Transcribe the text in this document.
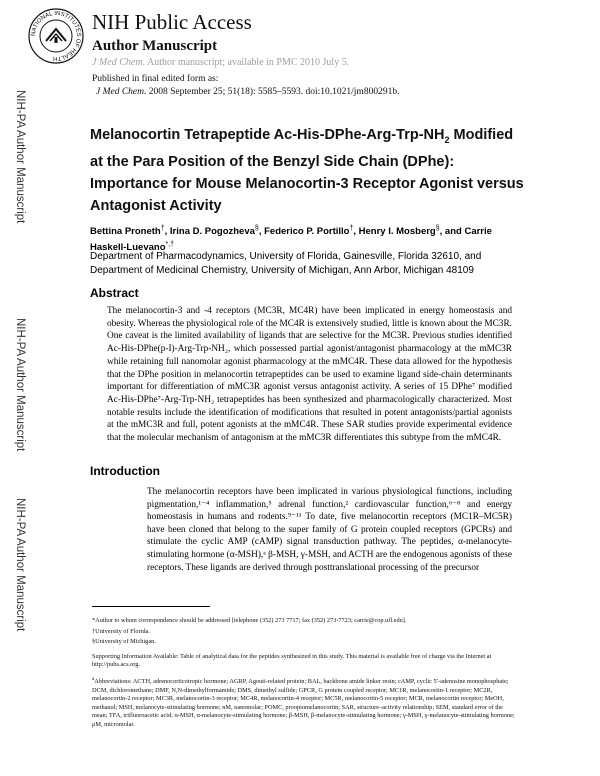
NATIONAL INSTITUTES OF HEALTH
NIH Public Access
Author Manuscript
J Med Chem. Author manuscript; available in PMC 2010 July 5.
Published in final edited form as:
J Med Chem. 2008 September 25; 51(18): 5585–5593. doi:10.1021/jm800291b.
NIH-PA Author Manuscript
NIH-PA Author Manuscript
NIH-PA Author Manuscript
Melanocortin Tetrapeptide $Ac-His-DPhe-Arg-Trp-NH_2$ Modified at the Para Position of the Benzyl Side Chain (DPhe): Importance for Mouse Melanocortin-3 Receptor Agonist versus Antagonist Activity
Bettina Proneth†, Irina D. Pogozheva§, Federico P. Portillo†, Henry I. Mosberg§, and Carrie Haskell-Luevano*,†
Department of Pharmacodynamics, University of Florida, Gainesville, Florida 32610, and
Department of Medicinal Chemistry, University of Michigan, Ann Arbor, Michigan 48109
Abstract
The melanocortin-3 and -4 receptors (MC3R, MC4R) have been implicated in energy homeostasis and obesity. Whereas the physiological role of the MC4R is extensively studied, little is known about the MC3R. One caveat is the limited availability of ligands that are selective for the MC3R. Previous studies identified Ac-His-DPhe(p-I)-Arg-Trp-NH₂, which possessed partial agonist/antagonist pharmacology at the mMC3R while retaining full nanomolar agonist pharmacology at the mMC4R. These data allowed for the hypothesis that the DPhe position in melanocortin tetrapeptides can be used to examine ligand side-chain determinants important for differentiation of mMC3R agonist versus antagonist activity. A series of 15 DPhe⁷ modified Ac-His-DPhe⁷-Arg-Trp-NH₂ tetrapeptides has been synthesized and pharmacologically characterized. Most notable results include the identification of modifications that resulted in potent antagonists/partial agonists at the mMC3R and full, potent agonists at the mMC4R. These SAR studies provide experimental evidence that the molecular mechanism of antagonism at the mMC3R differentiates this subtype from the mMC4R.
Introduction
The melanocortin receptors have been implicated in various physiological functions, including pigmentation,¹⁻⁴ inflammation,⁵ adrenal function,² cardiovascular function,⁶⁻⁸ and energy homeostasis in humans and rodents.⁹⁻¹¹ To date, five melanocortin receptors (MC1R–MC5R) have been cloned that belong to the super family of G protein coupled receptors (GPCRs) and stimulate the cyclic AMP (cAMP) signal transduction pathway. The peptides, α-melanocyte-stimulating hormone (α-MSH),ᵃ β-MSH, γ-MSH, and ACTH are the endogenous agonists of these receptors. These ligands are derived through posttranslational processing of the precursor

*Author to whom correspondence should be addressed [telephone (352) 273 7717; fax (352) 273-7723; carrie@cop.ufl.edu].

†University of Florida.

§University of Michigan.

Supporting Information Available: Table of analytical data for the peptides synthesized in this study. This material is available free of charge via the Internet at http://pubs.acs.org.

$^a$Abbreviations: ACTH, adrenocorticotropic hormone; AGRP, Agouti-related protein; BAL, backbone amide linker resin; cAMP, cyclic 5′-adenosine monophosphate; DCM, dichloromethane; DMF, N,N-dimethylformamide; DMS, dimethyl sulfide; GPCR, G protein coupled receptor; MC1R, melanocortin-1 receptor; MC2R, melanocortin-2 receptor; MC3R, melanocortin-3 receptor; MC4R, melanocortin-4 receptor; MC5R, melanocortin-5 receptor; MCR, melanocortin receptor; MeOH, methanol; MSH, melanocyte-stimulating hormone; nM, nanomolar; POMC, proopiomelanocortin; SAR, structure–activity relationship; SEM, standard error of the mean; TFA, trifluoroacetic acid; α-MSH, α-melanocyte-stimulating hormone; β-MSH, β-melanocyte-stimulating hormone; γ-MSH, γ-melanocyte-stimulating hormone; μM, micromolar.
